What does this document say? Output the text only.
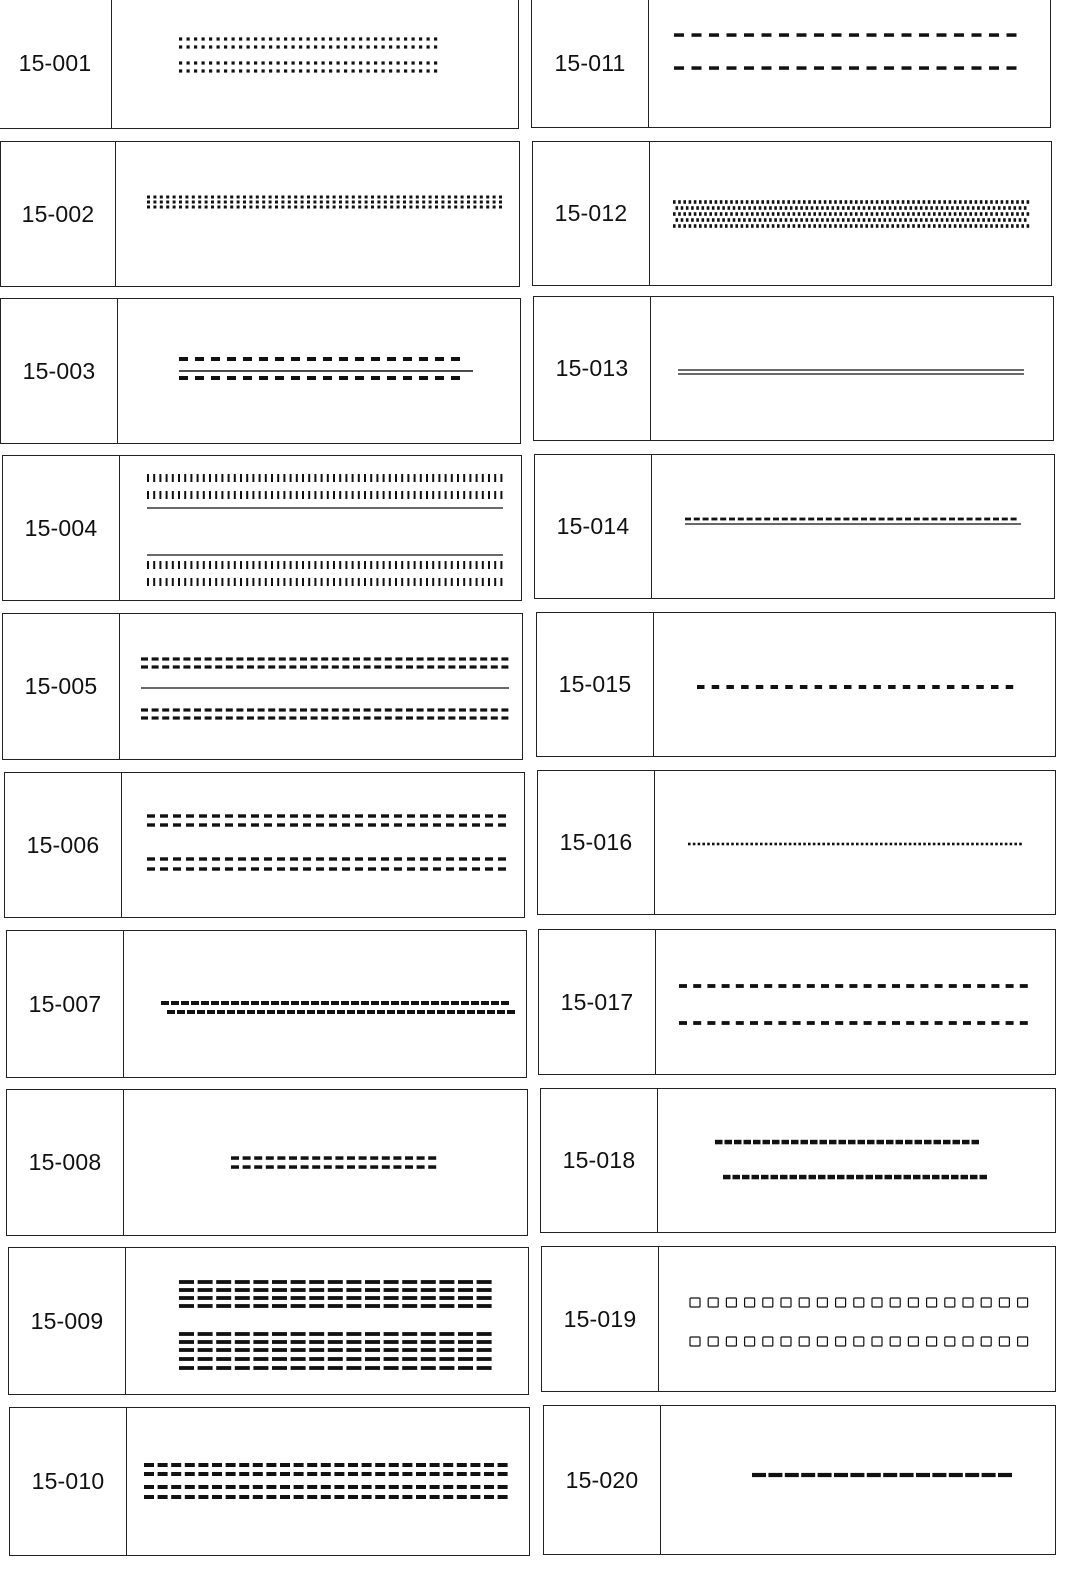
15-001
15-002
15-003
15-004
15-005
15-006
15-007
15-008
15-009
15-010
15-011
15-012
15-013
15-014
15-015
15-016
15-017
15-018
15-019
15-020
